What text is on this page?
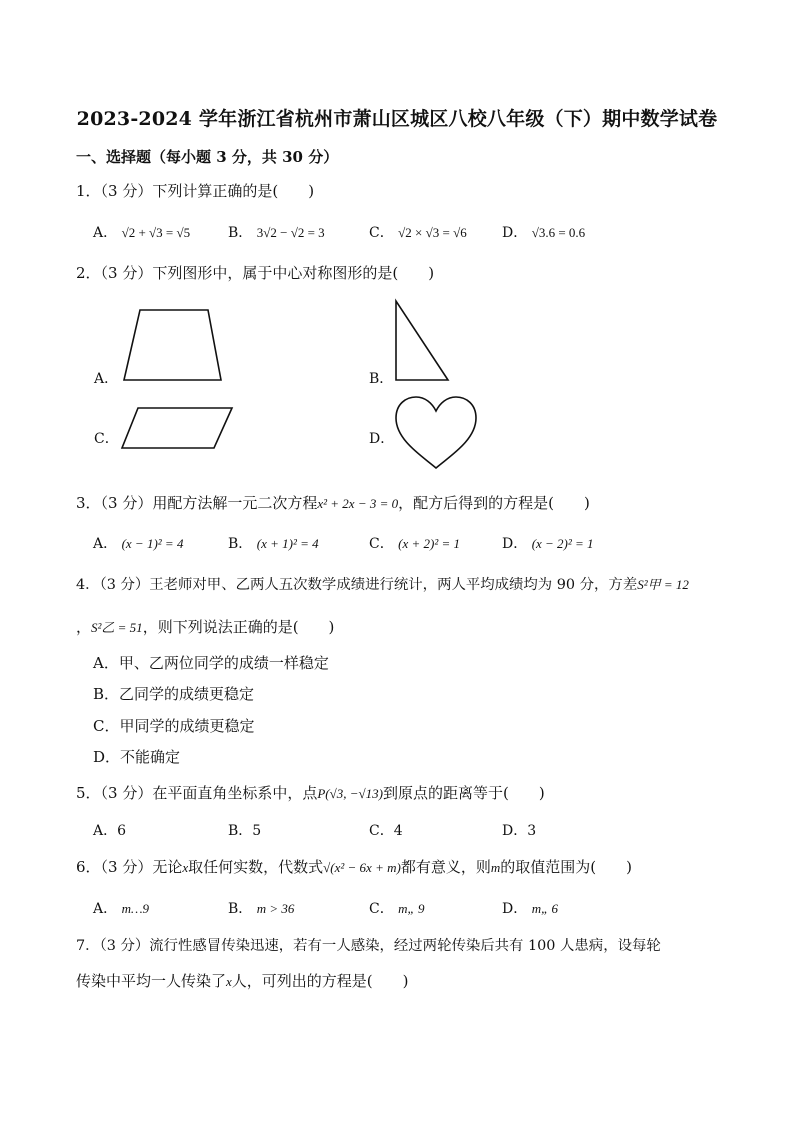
2023-2024 学年浙江省杭州市萧山区城区八校八年级（下）期中数学试卷
一、选择题（每小题 3 分，共 30 分）
1．（3 分）下列计算正确的是(　　)
A． √2 + √3 = √5	B． 3√2 − √2 = 3	C． √2 × √3 = √6	D． √3.6 = 0.6
2．（3 分）下列图形中，属于中心对称图形的是(　　)
A．	B．
C．	D．
3．（3 分）用配方法解一元二次方程x² + 2x − 3 = 0，配方后得到的方程是(　　)
A． (x − 1)² = 4	B． (x + 1)² = 4	C． (x + 2)² = 1	D． (x − 2)² = 1
4．（3 分）王老师对甲、乙两人五次数学成绩进行统计，两人平均成绩均为 90 分，方差S²甲 = 12
，S²乙 = 51，则下列说法正确的是(　　)
A．甲、乙两位同学的成绩一样稳定
B．乙同学的成绩更稳定
C．甲同学的成绩更稳定
D．不能确定
5．（3 分）在平面直角坐标系中，点P(√3, −√13)到原点的距离等于(　　)
A．6	B．5	C．4	D．3
6．（3 分）无论x取任何实数，代数式√(x² − 6x + m)都有意义，则m的取值范围为(　　)
A． m…9	B． m > 36	C． m„ 9	D． m„ 6
7．（3 分）流行性感冒传染迅速，若有一人感染，经过两轮传染后共有 100 人患病，设每轮
传染中平均一人传染了x人，可列出的方程是(　　)
